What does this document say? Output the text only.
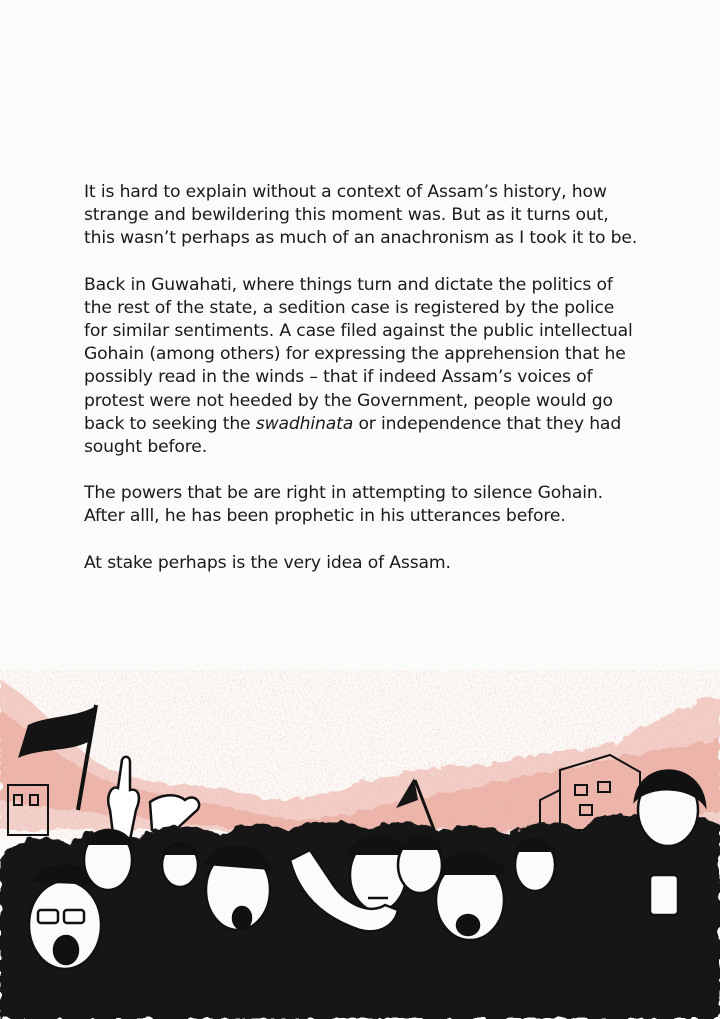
It is hard to explain without a context of Assam’s history, how
strange and bewildering this moment was. But as it turns out,
this wasn’t perhaps as much of an anachronism as I took it to be.

Back in Guwahati, where things turn and dictate the politics of
the rest of the state, a sedition case is registered by the police
for similar sentiments. A case filed against the public intellectual
Gohain (among others) for expressing the apprehension that he
possibly read in the winds – that if indeed Assam’s voices of
protest were not heeded by the Government, people would go
back to seeking the swadhinata or independence that they had
sought before.

The powers that be are right in attempting to silence Gohain.
After alll, he has been prophetic in his utterances before.

At stake perhaps is the very idea of Assam.
